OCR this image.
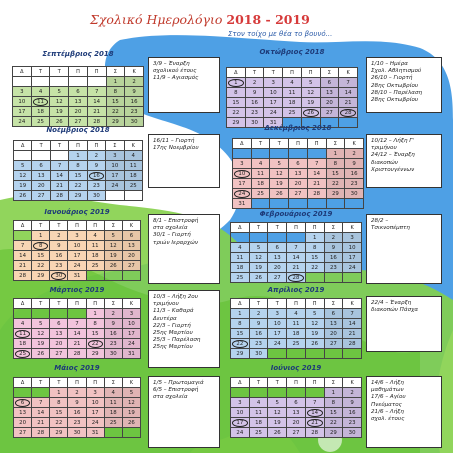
Σχολικό Ημερολόγιο 2018 - 2019
Στον τοίχο με θέα το βουνό...
Σεπτέμβριος 2018
Δ	Τ	Τ	Π	Π	Σ	Κ
					1	2
3	4	5	6	7	8	9
10	11	12	13	14	15	16
17	18	19	20	21	22	23
24	25	26	27	28	29	30
3/9 – Έναρξη
σχολικού έτους
11/9 – Αγιασμός
Οκτώβριος 2018
Δ	Τ	Τ	Π	Π	Σ	Κ
1	2	3	4	5	6	7
8	9	10	11	12	13	14
15	16	17	18	19	20	21
22	23	24	25	26	27	28
29	30	31				
1/10 – Ημέρα
Σχολ. Αθλητισμού
26/10 – Γιορτή
28ης Οκτωβρίου
28/10 – Παρέλαση
28ης Οκτωβρίου
Νοέμβριος 2018
Δ	Τ	Τ	Π	Π	Σ	Κ
			1	2	3	4
5	6	7	8	9	10	11
12	13	14	15	16	17	18
19	20	21	22	23	24	25
26	27	28	29	30		
16/11 – Γιορτή
17ης Νοεμβρίου
Δεκέμβριος 2018
Δ	Τ	Τ	Π	Π	Σ	Κ
					1	2
3	4	5	6	7	8	9
10	11	12	13	14	15	16
17	18	19	20	21	22	23
24	25	26	27	28	29	30
31						
10/12 – Λήξη Γ'
τριμήνου
24/12 – Έναρξη
διακοπών
Χριστουγέννων
Ιανουάριος 2019
Δ	Τ	Τ	Π	Π	Σ	Κ
	1	2	3	4	5	6
7	8	9	10	11	12	13
14	15	16	17	18	19	20
21	22	23	24	25	26	27
28	29	30	31			
8/1 – Επιστροφή
στα σχολεία
30/1 – Γιορτή
τριών Ιεραρχών
Φεβρουάριος 2019
Δ	Τ	Τ	Π	Π	Σ	Κ
				1	2	3
4	5	6	7	8	9	10
11	12	13	14	15	16	17
18	19	20	21	22	23	24
25	26	27	28			
28/2 –
Τσικνοπέμπτη
Μάρτιος 2019
Δ	Τ	Τ	Π	Π	Σ	Κ
				1	2	3
4	5	6	7	8	9	10
11	12	13	14	15	16	17
18	19	20	21	22	23	24
25	26	27	28	29	30	31
10/3 – Λήξη 2ου
τριμήνου
11/3 – Καθαρά
Δευτέρα
22/3 – Γιορτή
25ης Μαρτίου
25/3 – Παρέλαση
25ης Μαρτίου
Απρίλιος 2019
Δ	Τ	Τ	Π	Π	Σ	Κ
1	2	3	4	5	6	7
8	9	10	11	12	13	14
15	16	17	18	19	20	21
22	23	24	25	26	27	28
29	30					
22/4 – Έναρξη
διακοπών Πάσχα
Μάιος 2019
Δ	Τ	Τ	Π	Π	Σ	Κ
		1	2	3	4	5
6	7	8	9	10	11	12
13	14	15	16	17	18	19
20	21	22	23	24	25	26
27	28	29	30	31		
1/5 – Πρωτομαγιά
6/5 – Επιστροφή
στα σχολεία
Ιούνιος 2019
Δ	Τ	Τ	Π	Π	Σ	Κ
					1	2
3	4	5	6	7	8	9
10	11	12	13	14	15	16
17	18	19	20	21	22	23
24	25	26	27	28	29	30
14/6 – Λήξη
μαθημάτων
17/6 – Αγίου
Πνεύματος
21/6 – Λήξη
σχολ. έτους
